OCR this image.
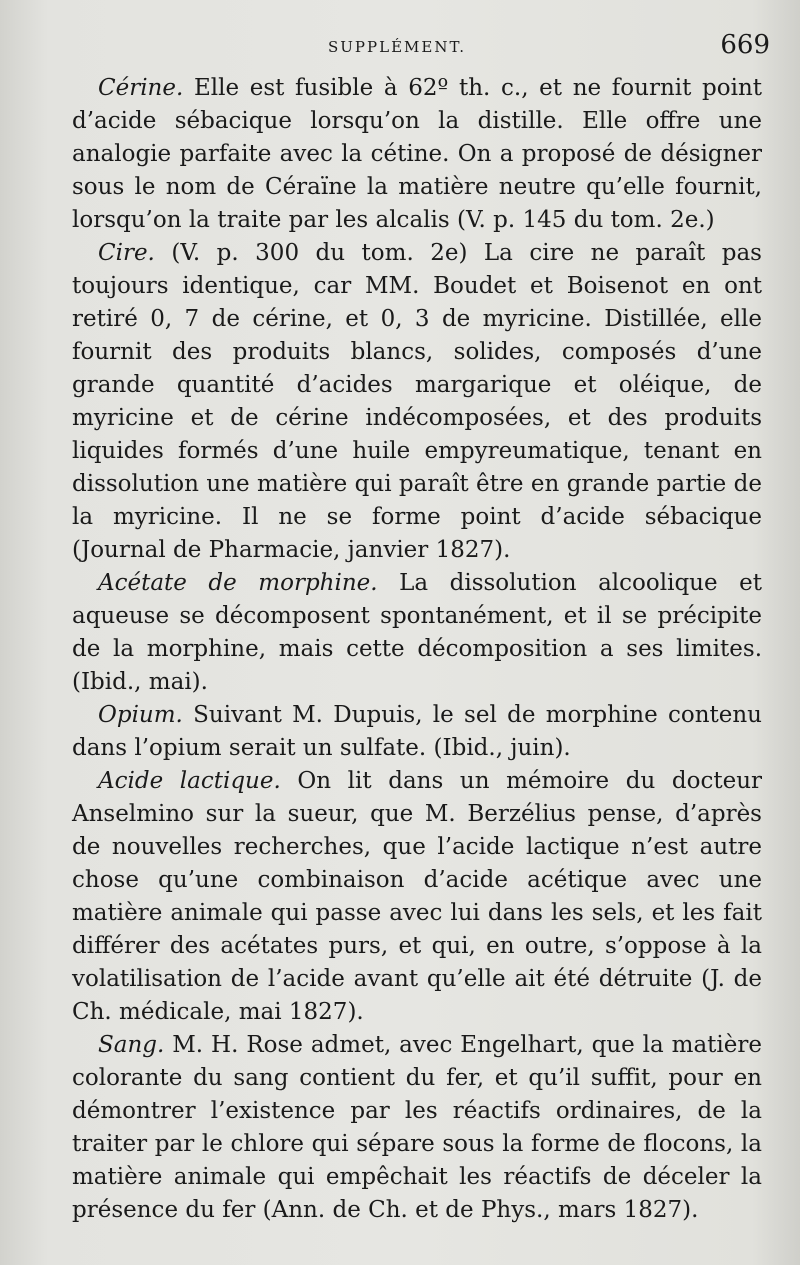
SUPPLÉMENT.	669

Cérine. Elle est fusible à 62º th. c., et ne fournit point d’acide sébacique lorsqu’on la distille. Elle offre une analogie parfaite avec la cétine. On a proposé de désigner sous le nom de Céraïne la matière neutre qu’elle fournit, lorsqu’on la traite par les alcalis (V. p. 145 du tom. 2e.)

Cire. (V. p. 300 du tom. 2e) La cire ne paraît pas toujours identique, car MM. Boudet et Boisenot en ont retiré 0, 7 de cérine, et 0, 3 de myricine. Distillée, elle fournit des produits blancs, solides, composés d’une grande quantité d’acides margarique et oléique, de myricine et de cérine indécomposées, et des produits liquides formés d’une huile empyreumatique, tenant en dissolution une matière qui paraît être en grande partie de la myricine. Il ne se forme point d’acide sébacique (Journal de Pharmacie, janvier 1827).

Acétate de morphine. La dissolution alcoolique et aqueuse se décomposent spontanément, et il se précipite de la morphine, mais cette décomposition a ses limites. (Ibid., mai).

Opium. Suivant M. Dupuis, le sel de morphine contenu dans l’opium serait un sulfate. (Ibid., juin).

Acide lactique. On lit dans un mémoire du docteur Anselmino sur la sueur, que M. Berzélius pense, d’après de nouvelles recherches, que l’acide lactique n’est autre chose qu’une combinaison d’acide acétique avec une matière animale qui passe avec lui dans les sels, et les fait différer des acétates purs, et qui, en outre, s’oppose à la volatilisation de l’acide avant qu’elle ait été détruite (J. de Ch. médicale, mai 1827).

Sang. M. H. Rose admet, avec Engelhart, que la matière colorante du sang contient du fer, et qu’il suffit, pour en démontrer l’existence par les réactifs ordinaires, de la traiter par le chlore qui sépare sous la forme de flocons, la matière animale qui empêchait les réactifs de déceler la présence du fer (Ann. de Ch. et de Phys., mars 1827).
